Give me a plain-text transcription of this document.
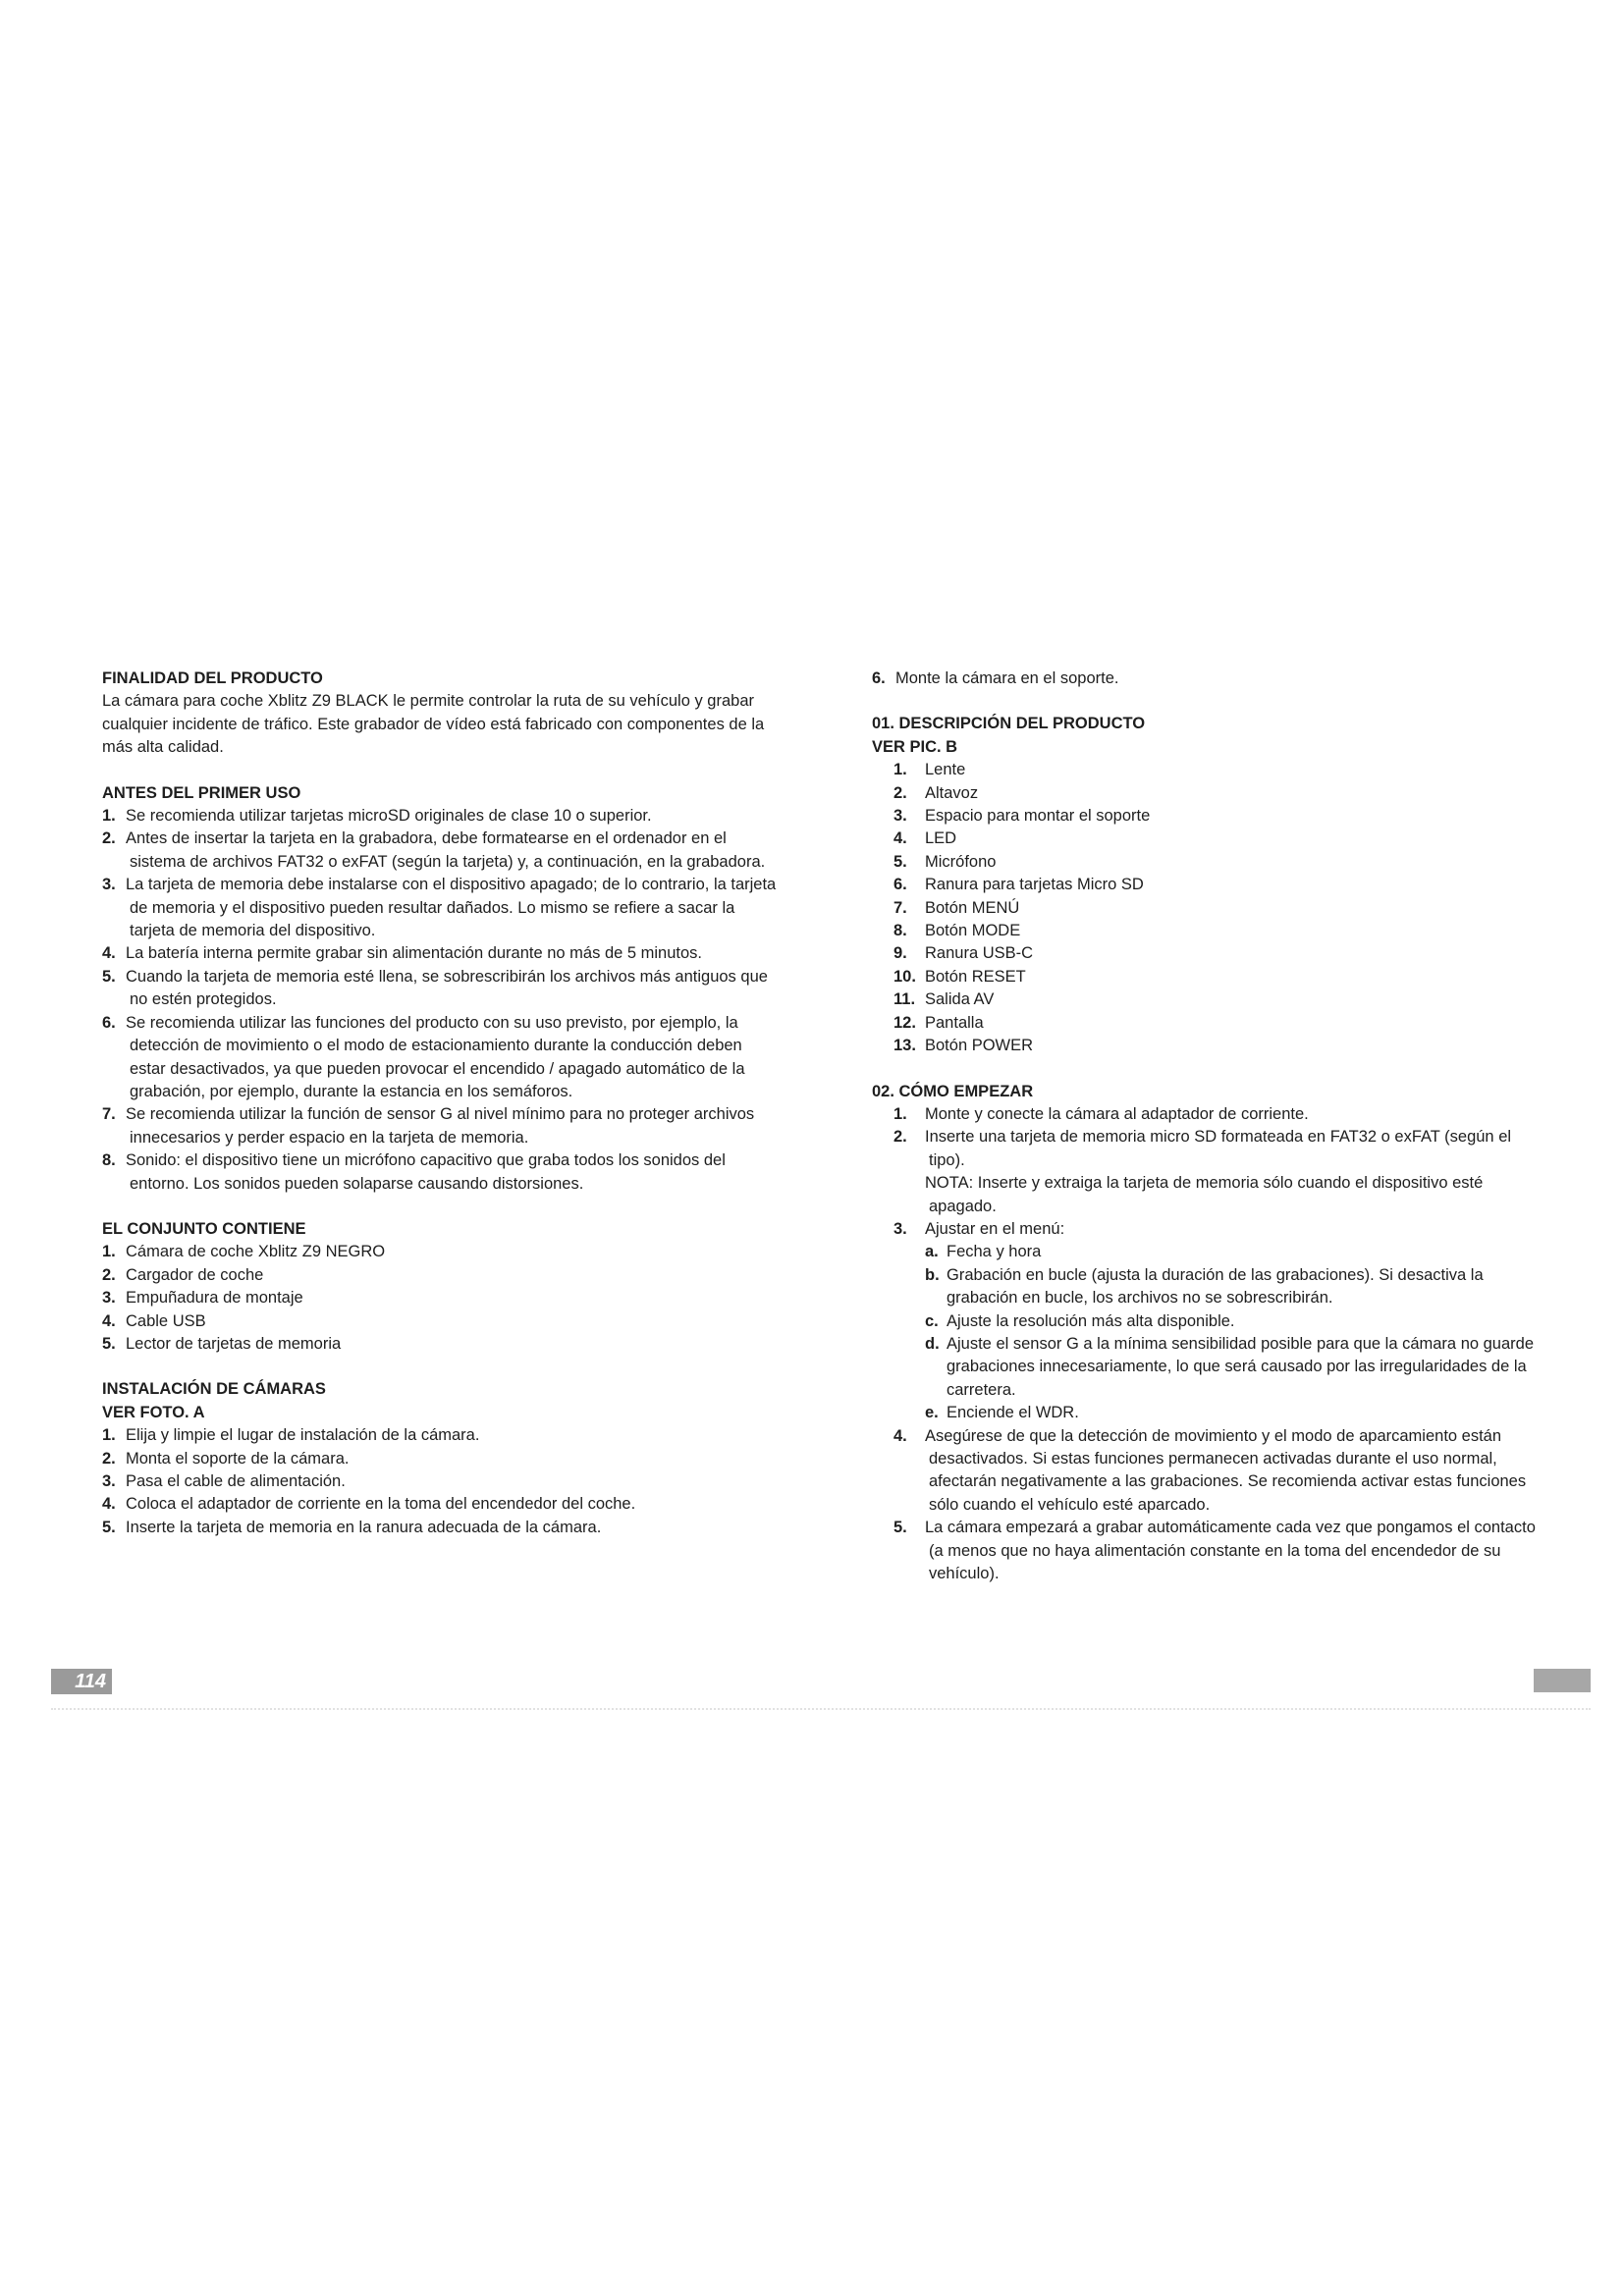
FINALIDAD DEL PRODUCTO

La cámara para coche Xblitz Z9 BLACK le permite controlar la ruta de su vehículo y grabar cualquier incidente de tráfico. Este grabador de vídeo está fabricado con componentes de la más alta calidad.

ANTES DEL PRIMER USO
1. Se recomienda utilizar tarjetas microSD originales de clase 10 o superior.
2. Antes de insertar la tarjeta en la grabadora, debe formatearse en el ordenador en el sistema de archivos FAT32 o exFAT (según la tarjeta) y, a continuación, en la grabadora.
3. La tarjeta de memoria debe instalarse con el dispositivo apagado; de lo contrario, la tarjeta de memoria y el dispositivo pueden resultar dañados. Lo mismo se refiere a sacar la tarjeta de memoria del dispositivo.
4. La batería interna permite grabar sin alimentación durante no más de 5 minutos.
5. Cuando la tarjeta de memoria esté llena, se sobrescribirán los archivos más antiguos que no estén protegidos.
6. Se recomienda utilizar las funciones del producto con su uso previsto, por ejemplo, la detección de movimiento o el modo de estacionamiento durante la conducción deben estar desactivados, ya que pueden provocar el encendido / apagado automático de la grabación, por ejemplo, durante la estancia en los semáforos.
7. Se recomienda utilizar la función de sensor G al nivel mínimo para no proteger archivos innecesarios y perder espacio en la tarjeta de memoria.
8. Sonido: el dispositivo tiene un micrófono capacitivo que graba todos los sonidos del entorno. Los sonidos pueden solaparse causando distorsiones.
EL CONJUNTO CONTIENE
1. Cámara de coche Xblitz Z9 NEGRO
2. Cargador de coche
3. Empuñadura de montaje
4. Cable USB
5. Lector de tarjetas de memoria
INSTALACIÓN DE CÁMARAS
VER FOTO. A
1. Elija y limpie el lugar de instalación de la cámara.
2. Monta el soporte de la cámara.
3. Pasa el cable de alimentación.
4. Coloca el adaptador de corriente en la toma del encendedor del coche.
5. Inserte la tarjeta de memoria en la ranura adecuada de la cámara.
6. Monte la cámara en el soporte.
01. DESCRIPCIÓN DEL PRODUCTO
VER PIC. B
1. Lente
2. Altavoz
3. Espacio para montar el soporte
4. LED
5. Micrófono
6. Ranura para tarjetas Micro SD
7. Botón MENÚ
8. Botón MODE
9. Ranura USB-C
10. Botón RESET
11. Salida AV
12. Pantalla
13. Botón POWER
02. CÓMO EMPEZAR
1. Monte y conecte la cámara al adaptador de corriente.
2. Inserte una tarjeta de memoria micro SD formateada en FAT32 o exFAT (según el tipo).
NOTA: Inserte y extraiga la tarjeta de memoria sólo cuando el dispositivo esté apagado.
3. Ajustar en el menú:
a. Fecha y hora
b. Grabación en bucle (ajusta la duración de las grabaciones). Si desactiva la grabación en bucle, los archivos no se sobrescribirán.
c. Ajuste la resolución más alta disponible.
d. Ajuste el sensor G a la mínima sensibilidad posible para que la cámara no guarde grabaciones innecesariamente, lo que será causado por las irregularidades de la carretera.
e. Enciende el WDR.
4. Asegúrese de que la detección de movimiento y el modo de aparcamiento están desactivados. Si estas funciones permanecen activadas durante el uso normal, afectarán negativamente a las grabaciones. Se recomienda activar estas funciones sólo cuando el vehículo esté aparcado.
5. La cámara empezará a grabar automáticamente cada vez que pongamos el contacto (a menos que no haya alimentación constante en la toma del encendedor de su vehículo).
114
